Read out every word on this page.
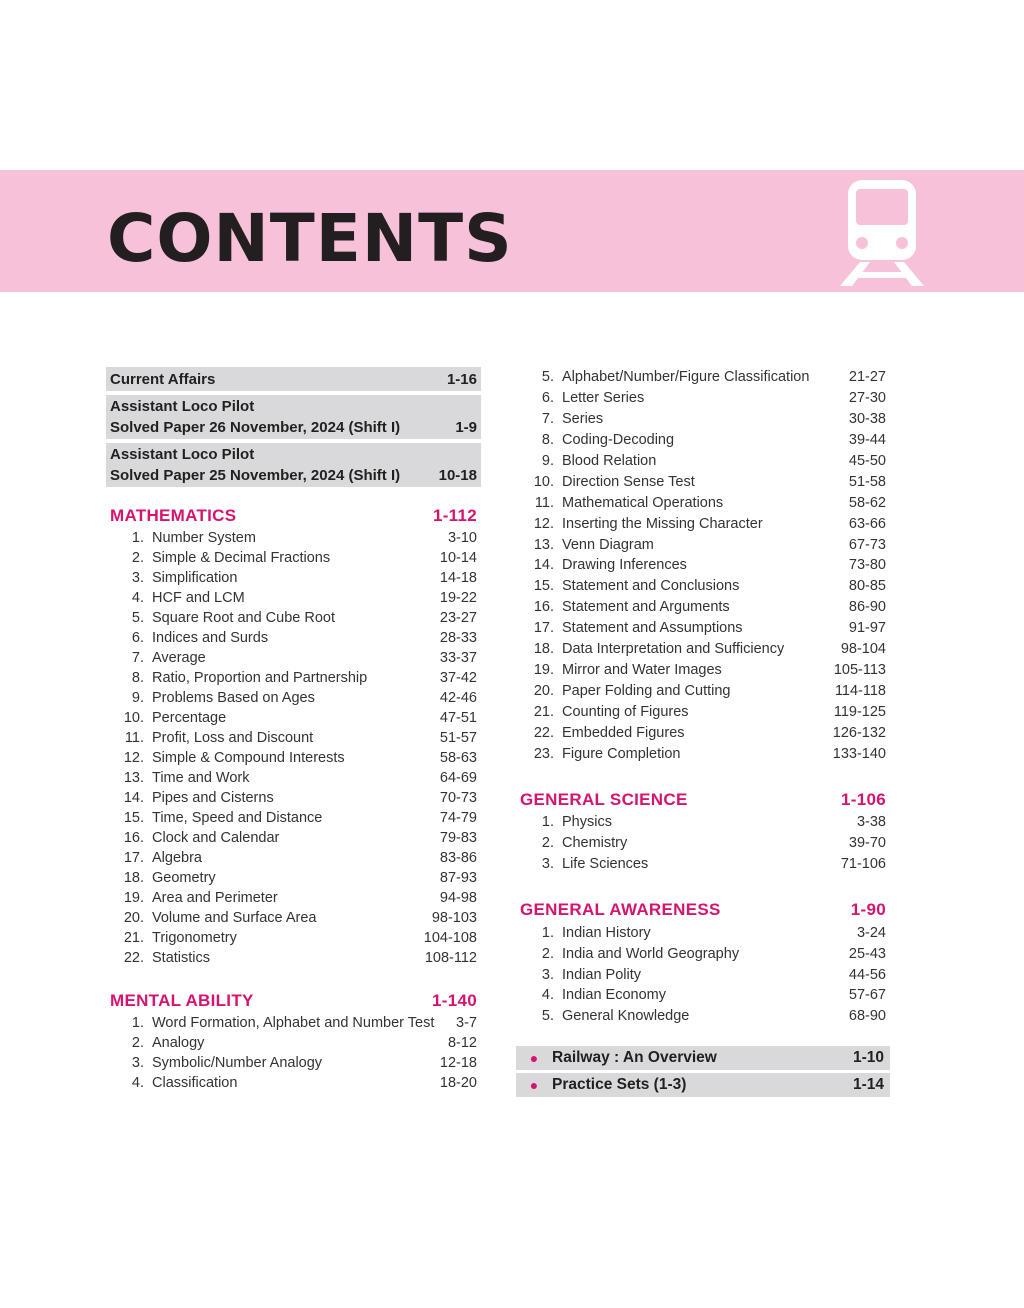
CONTENTS
Current Affairs	1-16
Assistant Loco Pilot
Solved Paper 26 November, 2024 (Shift I)	1-9
Assistant Loco Pilot
Solved Paper 25 November, 2024 (Shift I)	10-18
MATHEMATICS	1-112
1. Number System	3-10
2. Simple & Decimal Fractions	10-14
3. Simplification	14-18
4. HCF and LCM	19-22
5. Square Root and Cube Root	23-27
6. Indices and Surds	28-33
7. Average	33-37
8. Ratio, Proportion and Partnership	37-42
9. Problems Based on Ages	42-46
10. Percentage	47-51
11. Profit, Loss and Discount	51-57
12. Simple & Compound Interests	58-63
13. Time and Work	64-69
14. Pipes and Cisterns	70-73
15. Time, Speed and Distance	74-79
16. Clock and Calendar	79-83
17. Algebra	83-86
18. Geometry	87-93
19. Area and Perimeter	94-98
20. Volume and Surface Area	98-103
21. Trigonometry	104-108
22. Statistics	108-112
MENTAL ABILITY	1-140
1. Word Formation, Alphabet and Number Test	3-7
2. Analogy	8-12
3. Symbolic/Number Analogy	12-18
4. Classification	18-20
5. Alphabet/Number/Figure Classification	21-27
6. Letter Series	27-30
7. Series	30-38
8. Coding-Decoding	39-44
9. Blood Relation	45-50
10. Direction Sense Test	51-58
11. Mathematical Operations	58-62
12. Inserting the Missing Character	63-66
13. Venn Diagram	67-73
14. Drawing Inferences	73-80
15. Statement and Conclusions	80-85
16. Statement and Arguments	86-90
17. Statement and Assumptions	91-97
18. Data Interpretation and Sufficiency	98-104
19. Mirror and Water Images	105-113
20. Paper Folding and Cutting	114-118
21. Counting of Figures	119-125
22. Embedded Figures	126-132
23. Figure Completion	133-140
GENERAL SCIENCE	1-106
1. Physics	3-38
2. Chemistry	39-70
3. Life Sciences	71-106
GENERAL AWARENESS	1-90
1. Indian History	3-24
2. India and World Geography	25-43
3. Indian Polity	44-56
4. Indian Economy	57-67
5. General Knowledge	68-90
● Railway : An Overview	1-10
● Practice Sets (1-3)	1-14
